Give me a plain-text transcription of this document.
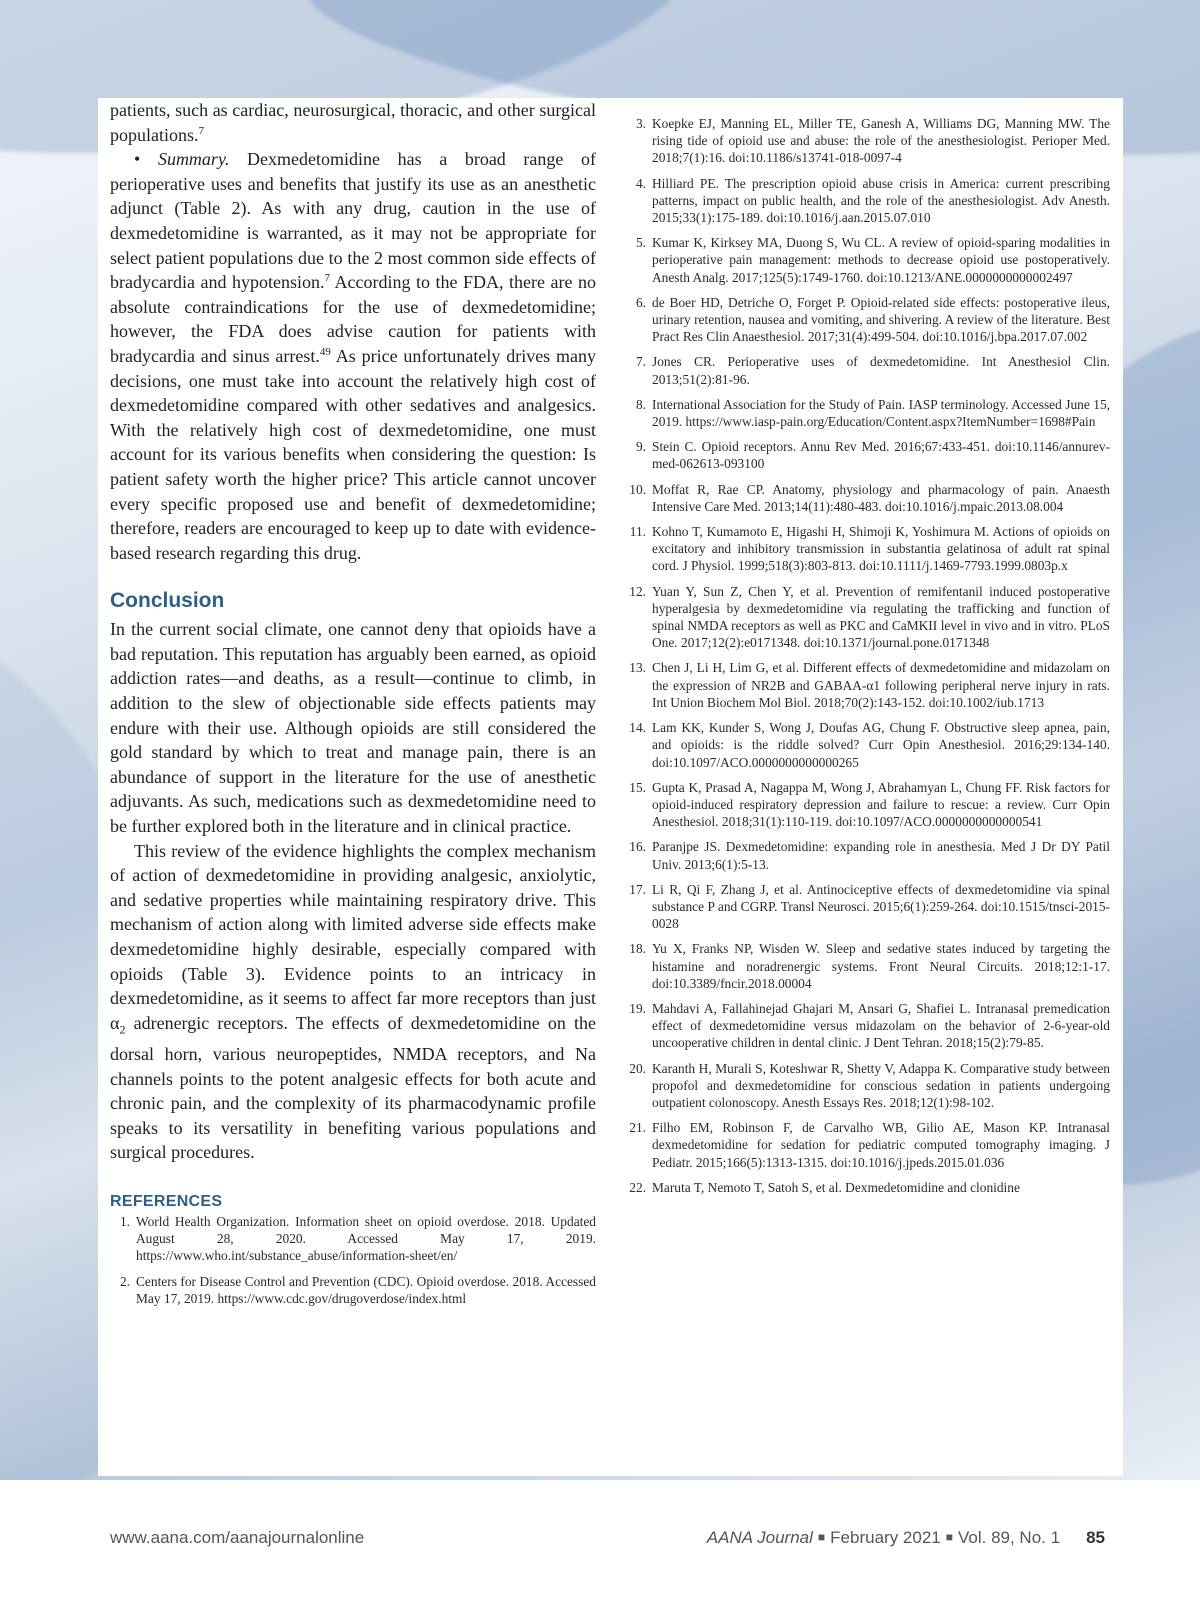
patients, such as cardiac, neurosurgical, thoracic, and other surgical populations.$^7$

• Summary. Dexmedetomidine has a broad range of perioperative uses and benefits that justify its use as an anesthetic adjunct (Table 2). As with any drug, caution in the use of dexmedetomidine is warranted, as it may not be appropriate for select patient populations due to the 2 most common side effects of bradycardia and hypotension.$^7$ According to the FDA, there are no absolute contraindications for the use of dexmedetomidine; however, the FDA does advise caution for patients with bradycardia and sinus arrest.$^{49}$ As price unfortunately drives many decisions, one must take into account the relatively high cost of dexmedetomidine compared with other sedatives and analgesics. With the relatively high cost of dexmedetomidine, one must account for its various benefits when considering the question: Is patient safety worth the higher price? This article cannot uncover every specific proposed use and benefit of dexmedetomidine; therefore, readers are encouraged to keep up to date with evidence-based research regarding this drug.

Conclusion

In the current social climate, one cannot deny that opioids have a bad reputation. This reputation has arguably been earned, as opioid addiction rates—and deaths, as a result—continue to climb, in addition to the slew of objectionable side effects patients may endure with their use. Although opioids are still considered the gold standard by which to treat and manage pain, there is an abundance of support in the literature for the use of anesthetic adjuvants. As such, medications such as dexmedetomidine need to be further explored both in the literature and in clinical practice.

This review of the evidence highlights the complex mechanism of action of dexmedetomidine in providing analgesic, anxiolytic, and sedative properties while maintaining respiratory drive. This mechanism of action along with limited adverse side effects make dexmedetomidine highly desirable, especially compared with opioids (Table 3). Evidence points to an intricacy in dexmedetomidine, as it seems to affect far more receptors than just $\alpha_2$ adrenergic receptors. The effects of dexmedetomidine on the dorsal horn, various neuropeptides, NMDA receptors, and Na channels points to the potent analgesic effects for both acute and chronic pain, and the complexity of its pharmacodynamic profile speaks to its versatility in benefiting various populations and surgical procedures.

REFERENCES
1. World Health Organization. Information sheet on opioid overdose. 2018. Updated August 28, 2020. Accessed May 17, 2019. https://www.who.int/substance_abuse/information-sheet/en/
2. Centers for Disease Control and Prevention (CDC). Opioid overdose. 2018. Accessed May 17, 2019. https://www.cdc.gov/drugoverdose/index.html
3. Koepke EJ, Manning EL, Miller TE, Ganesh A, Williams DG, Manning MW. The rising tide of opioid use and abuse: the role of the anesthesiologist. Perioper Med. 2018;7(1):16. doi:10.1186/s13741-018-0097-4
4. Hilliard PE. The prescription opioid abuse crisis in America: current prescribing patterns, impact on public health, and the role of the anesthesiologist. Adv Anesth. 2015;33(1):175-189. doi:10.1016/j.aan.2015.07.010
5. Kumar K, Kirksey MA, Duong S, Wu CL. A review of opioid-sparing modalities in perioperative pain management: methods to decrease opioid use postoperatively. Anesth Analg. 2017;125(5):1749-1760. doi:10.1213/ANE.0000000000002497
6. de Boer HD, Detriche O, Forget P. Opioid-related side effects: postoperative ileus, urinary retention, nausea and vomiting, and shivering. A review of the literature. Best Pract Res Clin Anaesthesiol. 2017;31(4):499-504. doi:10.1016/j.bpa.2017.07.002
7. Jones CR. Perioperative uses of dexmedetomidine. Int Anesthesiol Clin. 2013;51(2):81-96.
8. International Association for the Study of Pain. IASP terminology. Accessed June 15, 2019. https://www.iasp-pain.org/Education/Content.aspx?ItemNumber=1698#Pain
9. Stein C. Opioid receptors. Annu Rev Med. 2016;67:433-451. doi:10.1146/annurev-med-062613-093100
10. Moffat R, Rae CP. Anatomy, physiology and pharmacology of pain. Anaesth Intensive Care Med. 2013;14(11):480-483. doi:10.1016/j.mpaic.2013.08.004
11. Kohno T, Kumamoto E, Higashi H, Shimoji K, Yoshimura M. Actions of opioids on excitatory and inhibitory transmission in substantia gelatinosa of adult rat spinal cord. J Physiol. 1999;518(3):803-813. doi:10.1111/j.1469-7793.1999.0803p.x
12. Yuan Y, Sun Z, Chen Y, et al. Prevention of remifentanil induced postoperative hyperalgesia by dexmedetomidine via regulating the trafficking and function of spinal NMDA receptors as well as PKC and CaMKII level in vivo and in vitro. PLoS One. 2017;12(2):e0171348. doi:10.1371/journal.pone.0171348
13. Chen J, Li H, Lim G, et al. Different effects of dexmedetomidine and midazolam on the expression of NR2B and GABAA-α1 following peripheral nerve injury in rats. Int Union Biochem Mol Biol. 2018;70(2):143-152. doi:10.1002/iub.1713
14. Lam KK, Kunder S, Wong J, Doufas AG, Chung F. Obstructive sleep apnea, pain, and opioids: is the riddle solved? Curr Opin Anesthesiol. 2016;29:134-140. doi:10.1097/ACO.0000000000000265
15. Gupta K, Prasad A, Nagappa M, Wong J, Abrahamyan L, Chung FF. Risk factors for opioid-induced respiratory depression and failure to rescue: a review. Curr Opin Anesthesiol. 2018;31(1):110-119. doi:10.1097/ACO.0000000000000541
16. Paranjpe JS. Dexmedetomidine: expanding role in anesthesia. Med J Dr DY Patil Univ. 2013;6(1):5-13.
17. Li R, Qi F, Zhang J, et al. Antinociceptive effects of dexmedetomidine via spinal substance P and CGRP. Transl Neurosci. 2015;6(1):259-264. doi:10.1515/tnsci-2015-0028
18. Yu X, Franks NP, Wisden W. Sleep and sedative states induced by targeting the histamine and noradrenergic systems. Front Neural Circuits. 2018;12:1-17. doi:10.3389/fncir.2018.00004
19. Mahdavi A, Fallahinejad Ghajari M, Ansari G, Shafiei L. Intranasal premedication effect of dexmedetomidine versus midazolam on the behavior of 2-6-year-old uncooperative children in dental clinic. J Dent Tehran. 2018;15(2):79-85.
20. Karanth H, Murali S, Koteshwar R, Shetty V, Adappa K. Comparative study between propofol and dexmedetomidine for conscious sedation in patients undergoing outpatient colonoscopy. Anesth Essays Res. 2018;12(1):98-102.
21. Filho EM, Robinson F, de Carvalho WB, Gilio AE, Mason KP. Intranasal dexmedetomidine for sedation for pediatric computed tomography imaging. J Pediatr. 2015;166(5):1313-1315. doi:10.1016/j.jpeds.2015.01.036
22. Maruta T, Nemoto T, Satoh S, et al. Dexmedetomidine and clonidine
www.aana.com/aanajournalonline	AANA Journal ■ February 2021 ■ Vol. 89, No. 1 85
